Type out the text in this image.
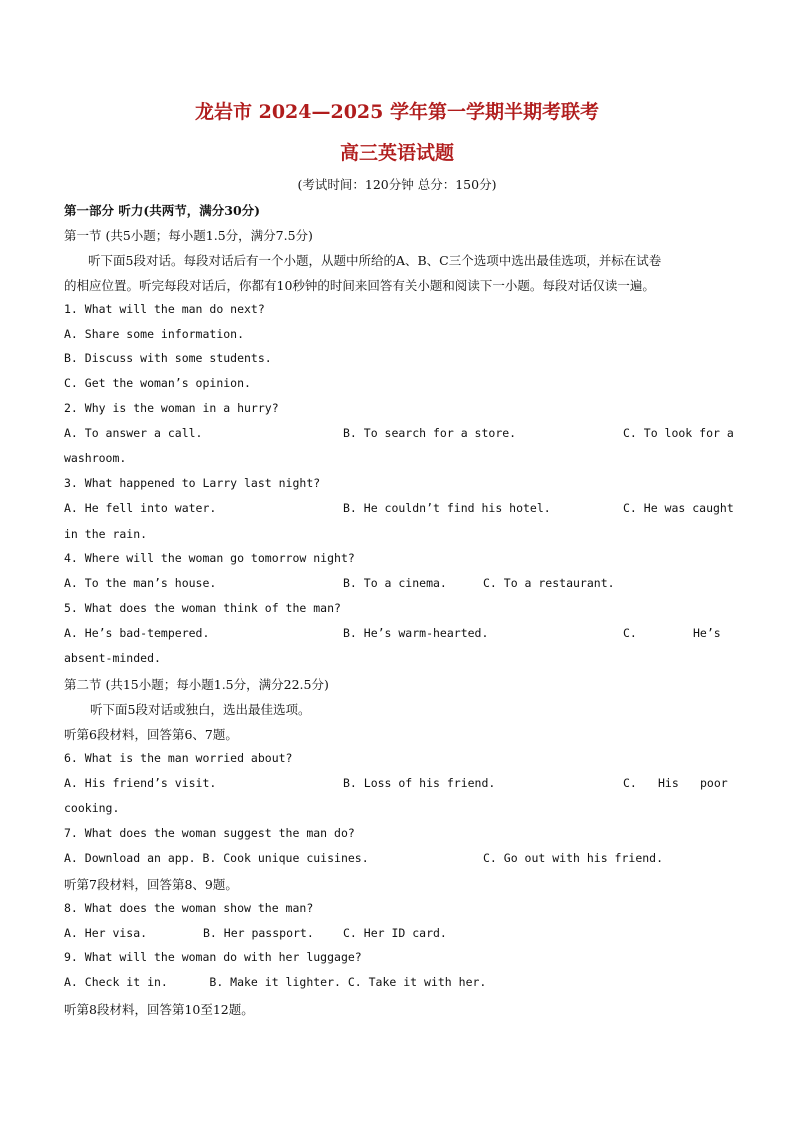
龙岩市 2024—2025 学年第一学期半期考联考
高三英语试题
(考试时间：120分钟 总分：150分)
第一部分 听力(共两节，满分30分)
第一节 (共5小题；每小题1.5分，满分7.5分)
听下面5段对话。每段对话后有一个小题，从题中所给的A、B、C三个选项中选出最佳选项，并标在试卷
的相应位置。听完每段对话后，你都有10秒钟的时间来回答有关小题和阅读下一小题。每段对话仅读一遍。
1. What will the man do next?
A. Share some information.
B. Discuss with some students.
C. Get the woman’s opinion.
2. Why is the woman in a hurry?
A. To answer a call.	B. To search for a store.	C. To look for a
washroom.
3. What happened to Larry last night?
A. He fell into water.	B. He couldn’t find his hotel.	C. He was caught
in the rain.
4. Where will the woman go tomorrow night?
A. To the man’s house.	B. To a cinema.	C. To a restaurant.
5. What does the woman think of the man?
A. He’s bad-tempered.	B. He’s warm-hearted.	C.	He’s
absent-minded.
第二节 (共15小题；每小题1.5分，满分22.5分)
听下面5段对话或独白，选出最佳选项。
听第6段材料，回答第6、7题。
6. What is the man worried about?
A. His friend’s visit.	B. Loss of his friend.	C. His poor
cooking.
7. What does the woman suggest the man do?
A. Download an app. B. Cook unique cuisines.	C. Go out with his friend.
听第7段材料，回答第8、9题。
8. What does the woman show the man?
A. Her visa.	B. Her passport.	C. Her ID card.
9. What will the woman do with her luggage?
A. Check it in.      B. Make it lighter. C. Take it with her.
听第8段材料，回答第10至12题。
